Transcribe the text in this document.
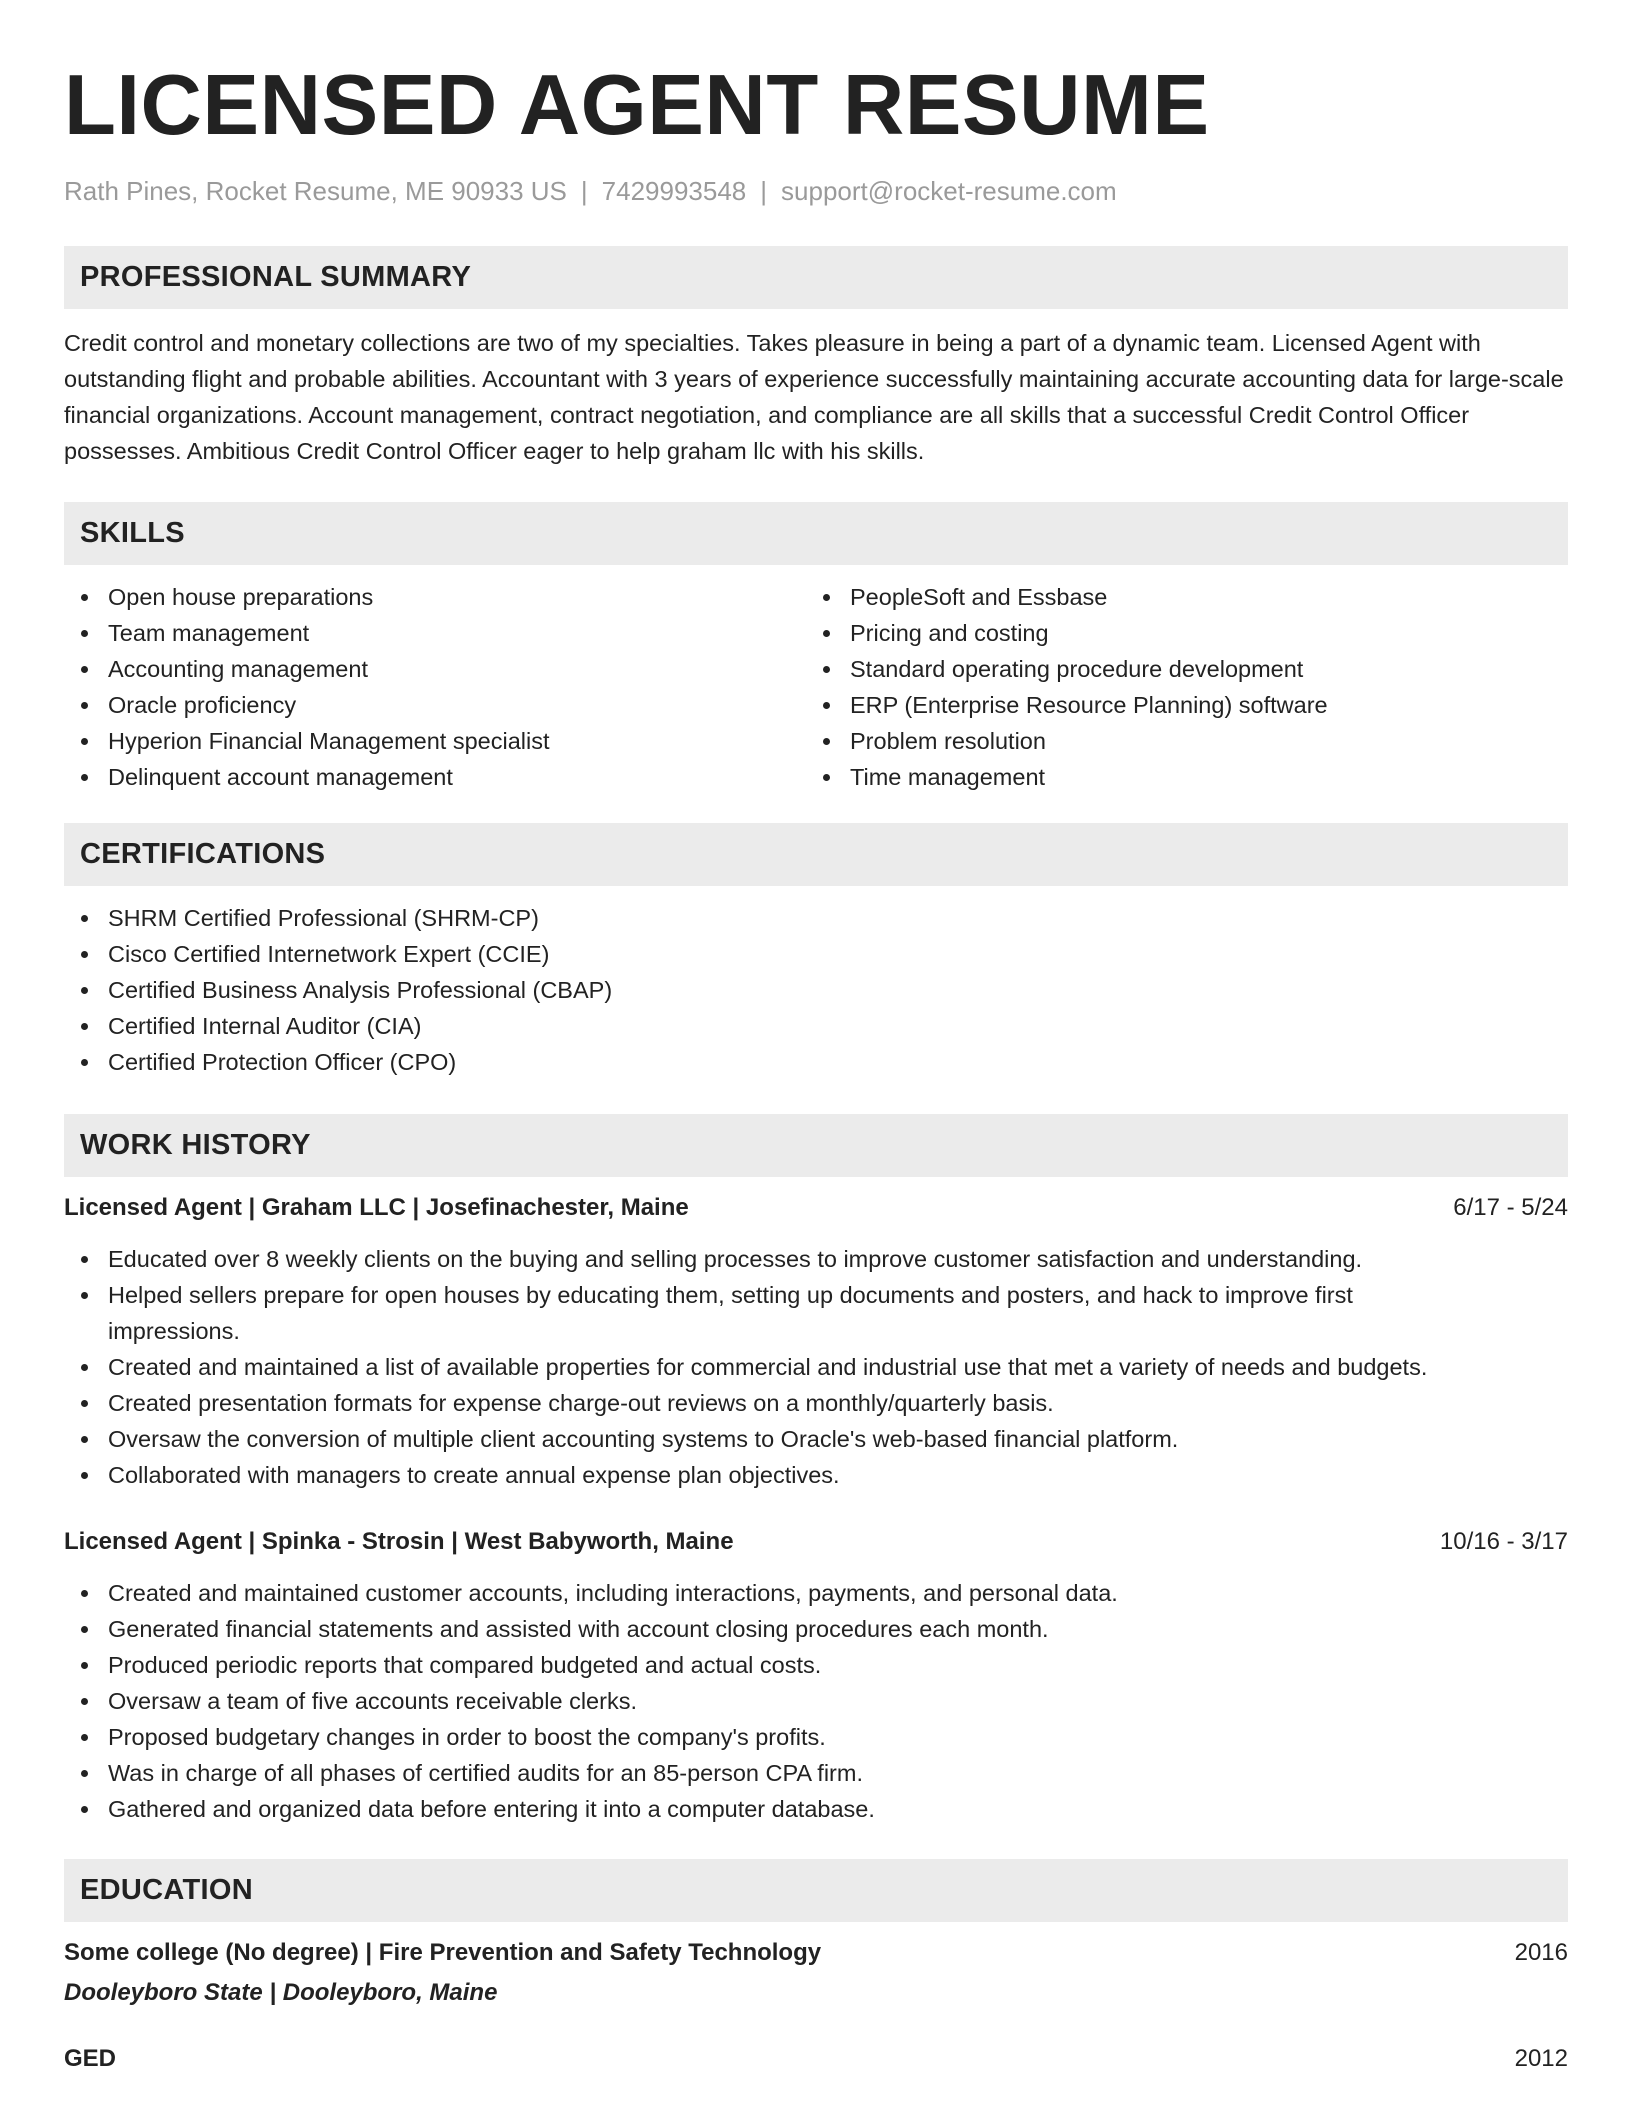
LICENSED AGENT RESUME
Rath Pines, Rocket Resume, ME 90933 US | 7429993548 | support@rocket-resume.com
PROFESSIONAL SUMMARY

Credit control and monetary collections are two of my specialties. Takes pleasure in being a part of a dynamic team. Licensed Agent with outstanding flight and probable abilities. Accountant with 3 years of experience successfully maintaining accurate accounting data for large-scale financial organizations. Account management, contract negotiation, and compliance are all skills that a successful Credit Control Officer possesses. Ambitious Credit Control Officer eager to help graham llc with his skills.

SKILLS
Open house preparations
Team management
Accounting management
Oracle proficiency
Hyperion Financial Management specialist
Delinquent account management
PeopleSoft and Essbase
Pricing and costing
Standard operating procedure development
ERP (Enterprise Resource Planning) software
Problem resolution
Time management
CERTIFICATIONS
SHRM Certified Professional (SHRM-CP)
Cisco Certified Internetwork Expert (CCIE)
Certified Business Analysis Professional (CBAP)
Certified Internal Auditor (CIA)
Certified Protection Officer (CPO)
WORK HISTORY
Licensed Agent | Graham LLC | Josefinachester, Maine	6/17 - 5/24
Educated over 8 weekly clients on the buying and selling processes to improve customer satisfaction and understanding.
Helped sellers prepare for open houses by educating them, setting up documents and posters, and hack to improve first impressions.
Created and maintained a list of available properties for commercial and industrial use that met a variety of needs and budgets.
Created presentation formats for expense charge-out reviews on a monthly/quarterly basis.
Oversaw the conversion of multiple client accounting systems to Oracle's web-based financial platform.
Collaborated with managers to create annual expense plan objectives.
Licensed Agent | Spinka - Strosin | West Babyworth, Maine	10/16 - 3/17
Created and maintained customer accounts, including interactions, payments, and personal data.
Generated financial statements and assisted with account closing procedures each month.
Produced periodic reports that compared budgeted and actual costs.
Oversaw a team of five accounts receivable clerks.
Proposed budgetary changes in order to boost the company's profits.
Was in charge of all phases of certified audits for an 85-person CPA firm.
Gathered and organized data before entering it into a computer database.
EDUCATION
Some college (No degree) | Fire Prevention and Safety Technology	2016
Dooleyboro State | Dooleyboro, Maine
GED	2012
